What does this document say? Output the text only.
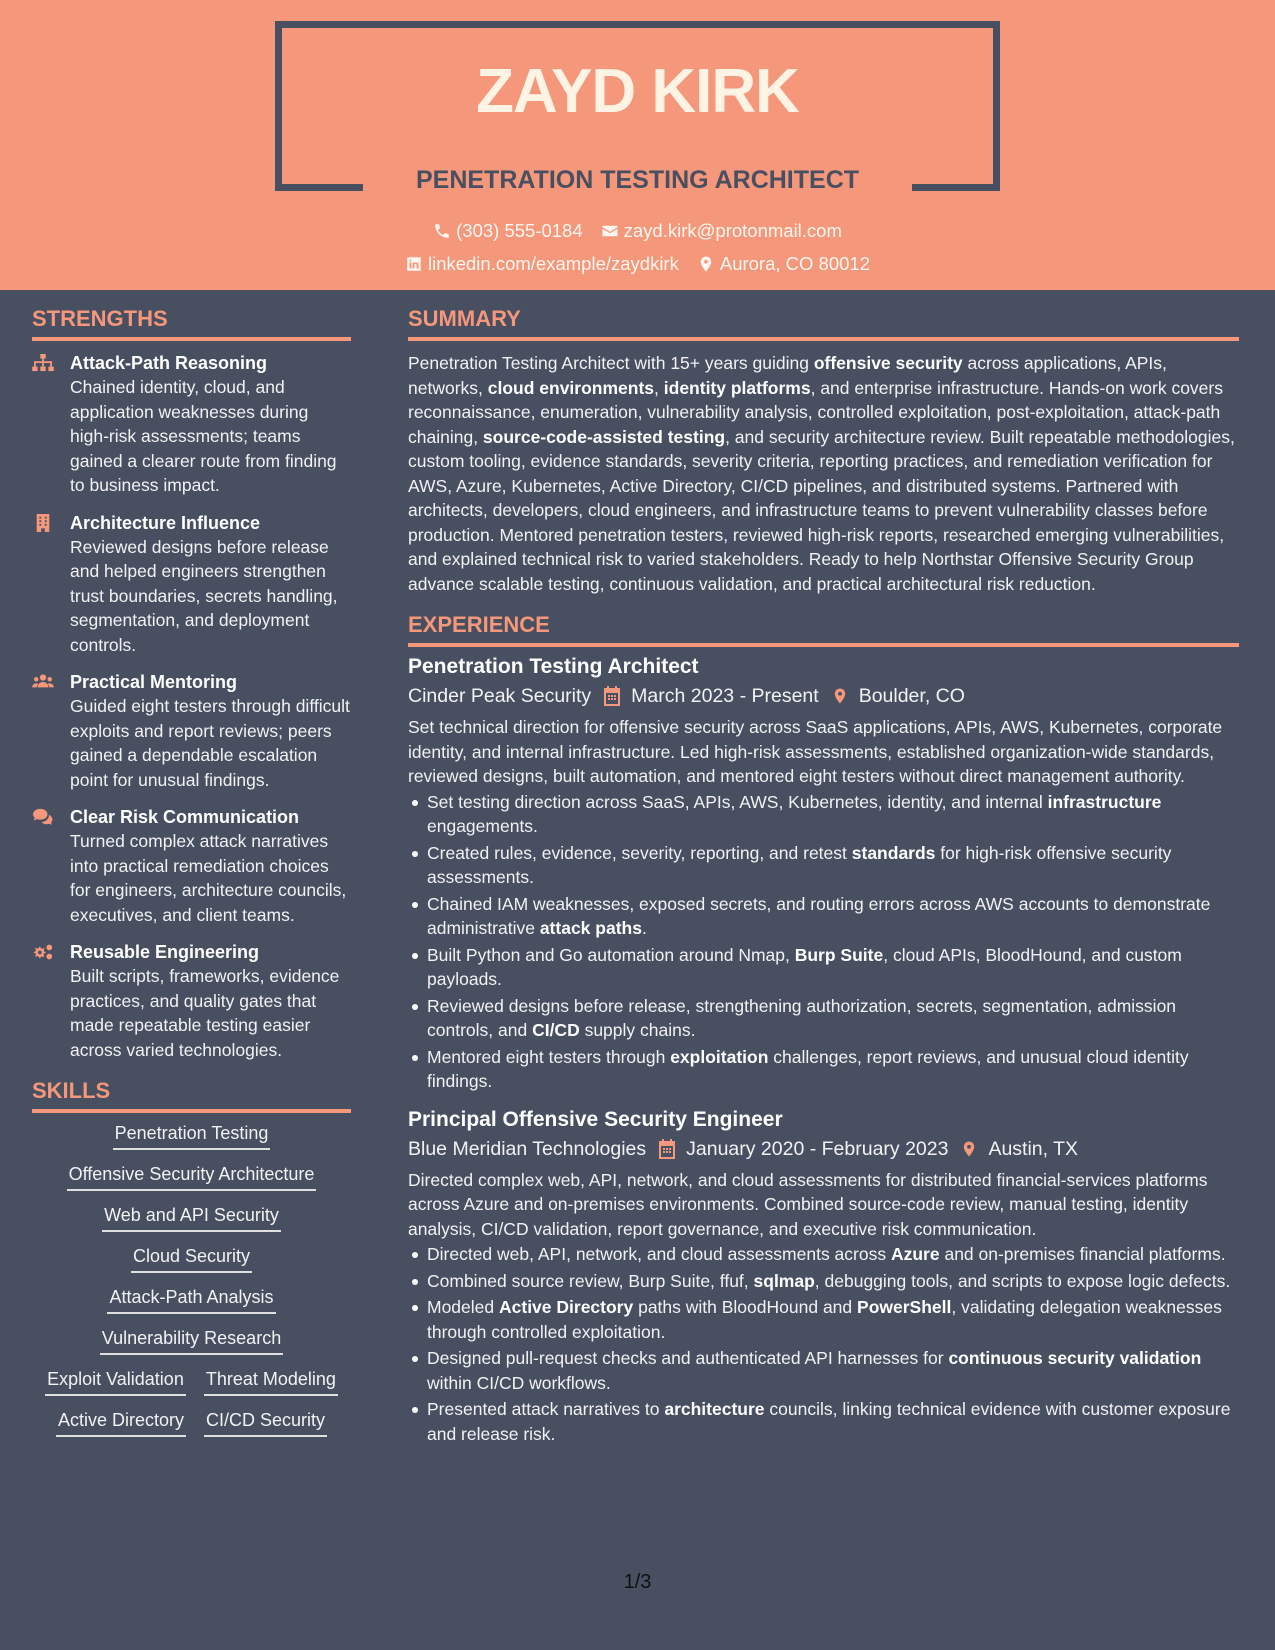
ZAYD KIRK
PENETRATION TESTING ARCHITECT
(303) 555-0184 zayd.kirk@protonmail.com
linkedin.com/example/zaydkirk Aurora, CO 80012
STRENGTHS
Attack-Path Reasoning
Chained identity, cloud, and application weaknesses during high-risk assessments; teams gained a clearer route from finding to business impact.
Architecture Influence
Reviewed designs before release and helped engineers strengthen trust boundaries, secrets handling, segmentation, and deployment controls.
Practical Mentoring
Guided eight testers through difficult exploits and report reviews; peers gained a dependable escalation point for unusual findings.
Clear Risk Communication
Turned complex attack narratives into practical remediation choices for engineers, architecture councils, executives, and client teams.
Reusable Engineering
Built scripts, frameworks, evidence practices, and quality gates that made repeatable testing easier across varied technologies.
SKILLS
Penetration Testing
Offensive Security Architecture
Web and API Security
Cloud Security
Attack-Path Analysis
Vulnerability Research
Exploit Validation Threat Modeling
Active Directory CI/CD Security
SUMMARY
Penetration Testing Architect with 15+ years guiding offensive security across applications, APIs, networks, cloud environments, identity platforms, and enterprise infrastructure. Hands-on work covers reconnaissance, enumeration, vulnerability analysis, controlled exploitation, post-exploitation, attack-path chaining, source-code-assisted testing, and security architecture review. Built repeatable methodologies, custom tooling, evidence standards, severity criteria, reporting practices, and remediation verification for AWS, Azure, Kubernetes, Active Directory, CI/CD pipelines, and distributed systems. Partnered with architects, developers, cloud engineers, and infrastructure teams to prevent vulnerability classes before production. Mentored penetration testers, reviewed high-risk reports, researched emerging vulnerabilities, and explained technical risk to varied stakeholders. Ready to help Northstar Offensive Security Group advance scalable testing, continuous validation, and practical architectural risk reduction.
EXPERIENCE
Penetration Testing Architect
Cinder Peak Security March 2023 - Present Boulder, CO
Set technical direction for offensive security across SaaS applications, APIs, AWS, Kubernetes, corporate identity, and internal infrastructure. Led high-risk assessments, established organization-wide standards, reviewed designs, built automation, and mentored eight testers without direct management authority.
Set testing direction across SaaS, APIs, AWS, Kubernetes, identity, and internal infrastructure engagements.
Created rules, evidence, severity, reporting, and retest standards for high-risk offensive security assessments.
Chained IAM weaknesses, exposed secrets, and routing errors across AWS accounts to demonstrate administrative attack paths.
Built Python and Go automation around Nmap, Burp Suite, cloud APIs, BloodHound, and custom payloads.
Reviewed designs before release, strengthening authorization, secrets, segmentation, admission controls, and CI/CD supply chains.
Mentored eight testers through exploitation challenges, report reviews, and unusual cloud identity findings.
Principal Offensive Security Engineer
Blue Meridian Technologies January 2020 - February 2023 Austin, TX
Directed complex web, API, network, and cloud assessments for distributed financial-services platforms across Azure and on-premises environments. Combined source-code review, manual testing, identity analysis, CI/CD validation, report governance, and executive risk communication.
Directed web, API, network, and cloud assessments across Azure and on-premises financial platforms.
Combined source review, Burp Suite, ffuf, sqlmap, debugging tools, and scripts to expose logic defects.
Modeled Active Directory paths with BloodHound and PowerShell, validating delegation weaknesses through controlled exploitation.
Designed pull-request checks and authenticated API harnesses for continuous security validation within CI/CD workflows.
Presented attack narratives to architecture councils, linking technical evidence with customer exposure and release risk.
1/3
